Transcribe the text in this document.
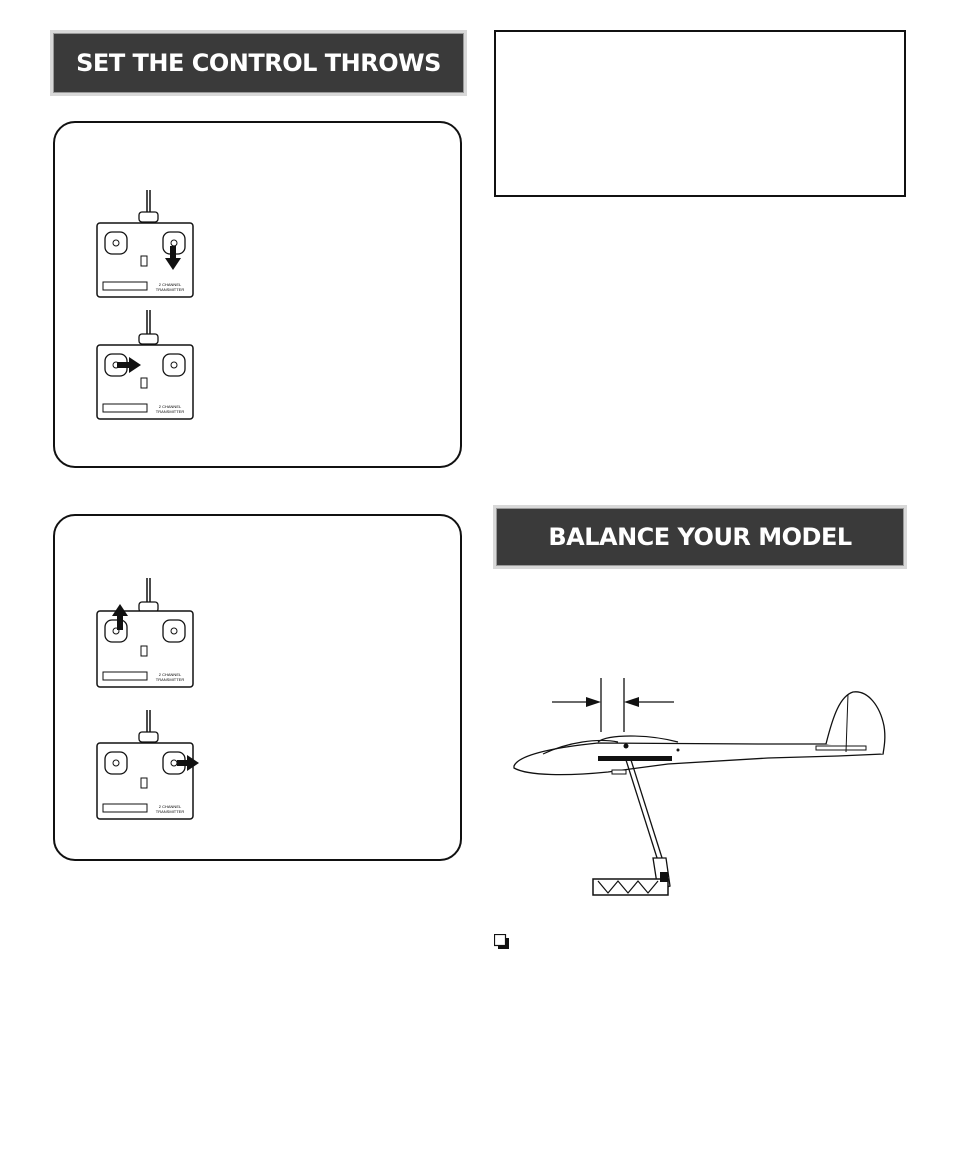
SET THE CONTROL THROWS
2 CHANNEL
TRANSMITTER
2 CHANNEL
TRANSMITTER
2 CHANNEL
TRANSMITTER
2 CHANNEL
TRANSMITTER
BALANCE YOUR MODEL
